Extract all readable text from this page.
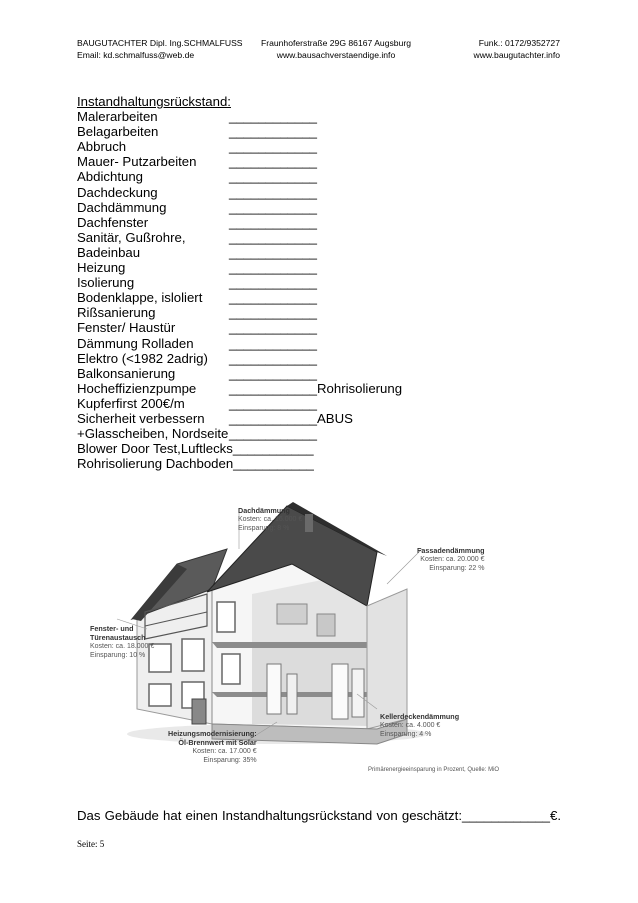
BAUGUTACHTER Dipl. Ing.SCHMALFUSS
Email: kd.schmalfuss@web.de
Fraunhoferstraße 29G 86167 Augsburg
www.bausachverstaendige.info
Funk.: 0172/9352727
www.baugutachter.info
Instandhaltungsrückstand:
Malerarbeiten	____________
Belagarbeiten	____________
Abbruch	____________
Mauer- Putzarbeiten ____________
Abdichtung	____________
Dachdeckung	____________
Dachdämmung	____________
Dachfenster	____________
Sanitär, Gußrohre,	____________
Badeinbau	____________
Heizung	____________
Isolierung	____________
Bodenklappe, isloliert ____________
Rißsanierung	____________
Fenster/ Haustür	____________
Dämmung Rolladen	____________
Elektro (<1982 2adrig) ____________
Balkonsanierung	____________
Hocheffizienzpumpe ____________Rohrisolierung
Kupferfirst 200€/m	____________
Sicherheit verbessern ____________ABUS
+Glasscheiben, Nordseite ____________
Blower Door Test,Luftlecks___________
Rohrisolierung Dachboden___________
Dachdämmung
Kosten: ca. 16.000 €
Einsparung: 8 %
Fassadendämmung
Kosten: ca. 20.000 €
Einsparung: 22 %
Fenster- und
Türenaustausch
Kosten: ca. 18.000 €
Einsparung: 10 %
Kellerdeckendämmung
Kosten: ca. 4.000 €
Einsparung: 4 %
Heizungsmodernisierung:
Öl-Brennwert mit Solar
Kosten: ca. 17.000 €
Einsparung: 35%
Primärenergieeinsparung in Prozent, Quelle: MiO
Das Gebäude hat einen Instandhaltungsrückstand von geschätzt:____________€.
Seite: 5
